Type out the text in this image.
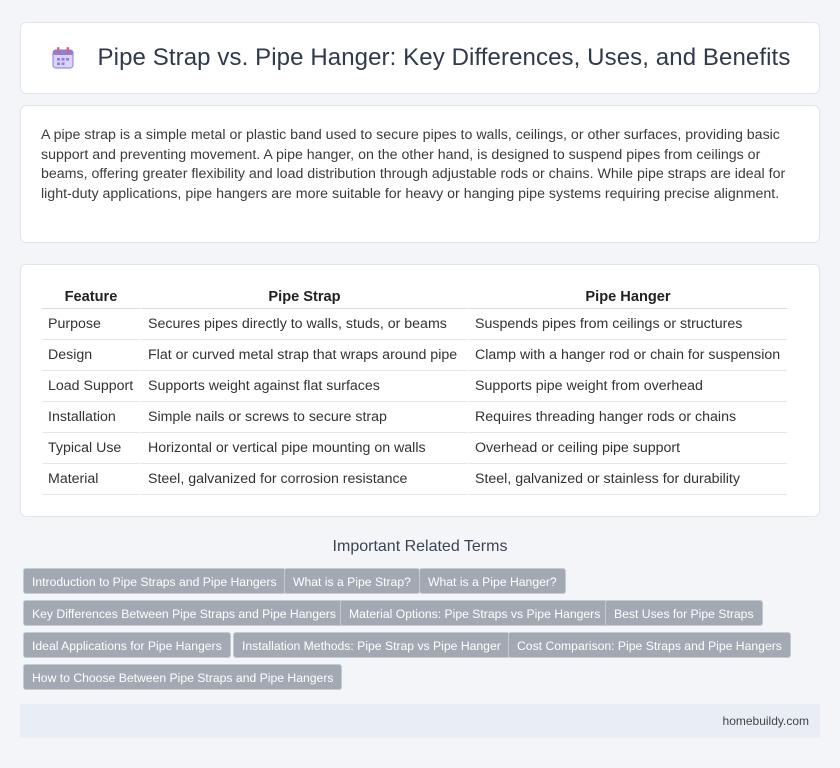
Pipe Strap vs. Pipe Hanger: Key Differences, Uses, and Benefits

A pipe strap is a simple metal or plastic band used to secure pipes to walls, ceilings, or other surfaces, providing basic support and preventing movement. A pipe hanger, on the other hand, is designed to suspend pipes from ceilings or beams, offering greater flexibility and load distribution through adjustable rods or chains. While pipe straps are ideal for light-duty applications, pipe hangers are more suitable for heavy or hanging pipe systems requiring precise alignment.

Feature	Pipe Strap	Pipe Hanger
Purpose	Secures pipes directly to walls, studs, or beams	Suspends pipes from ceilings or structures
Design	Flat or curved metal strap that wraps around pipe	Clamp with a hanger rod or chain for suspension
Load Support	Supports weight against flat surfaces	Supports pipe weight from overhead
Installation	Simple nails or screws to secure strap	Requires threading hanger rods or chains
Typical Use	Horizontal or vertical pipe mounting on walls	Overhead or ceiling pipe support
Material	Steel, galvanized for corrosion resistance	Steel, galvanized or stainless for durability
Important Related Terms
Introduction to Pipe Straps and Pipe Hangers	What is a Pipe Strap?	What is a Pipe Hanger?
Key Differences Between Pipe Straps and Pipe Hangers	Material Options: Pipe Straps vs Pipe Hangers	Best Uses for Pipe Straps
Ideal Applications for Pipe Hangers	Installation Methods: Pipe Strap vs Pipe Hanger	Cost Comparison: Pipe Straps and Pipe Hangers
How to Choose Between Pipe Straps and Pipe Hangers
homebuildy.com
